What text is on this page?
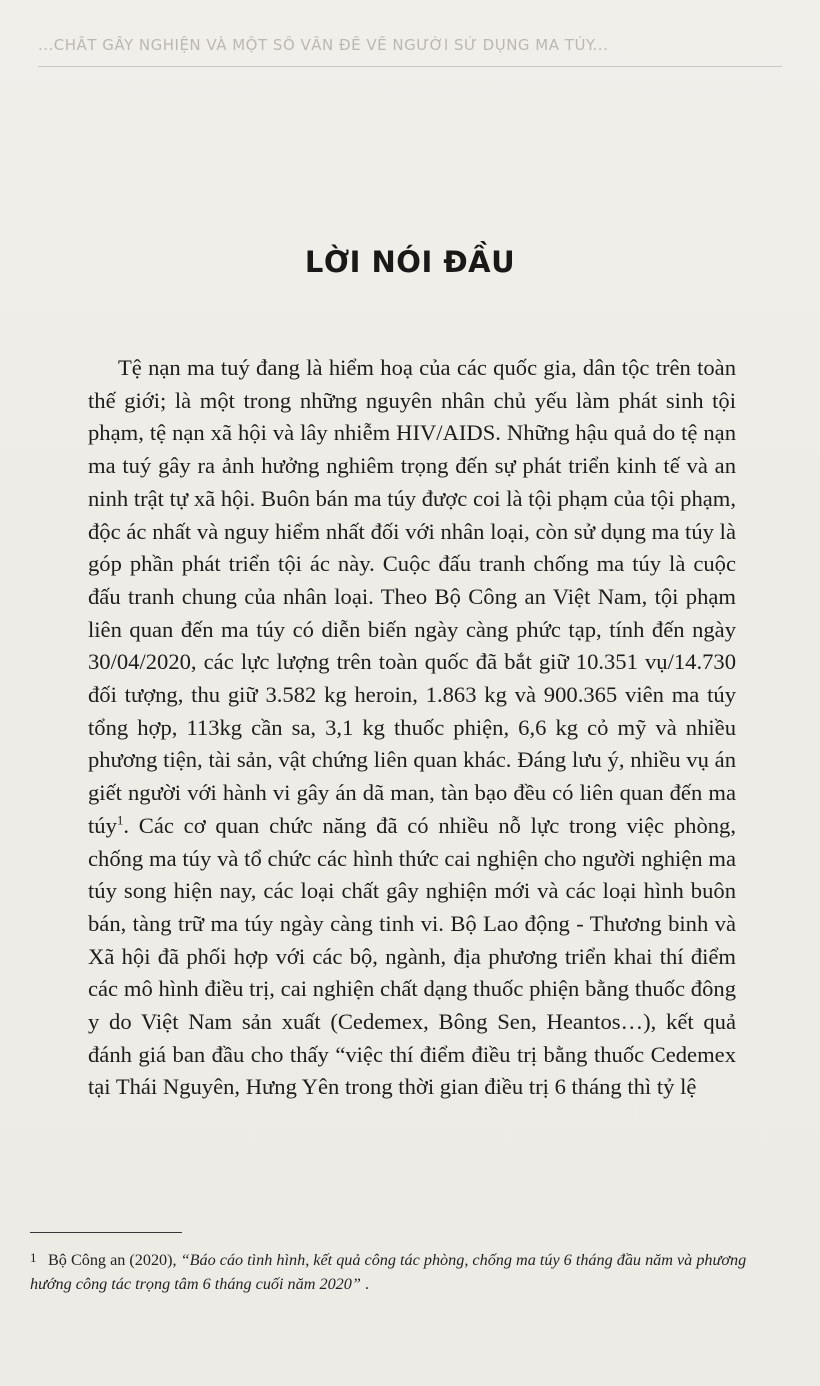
...CHẤT GÂY NGHIỆN VÀ MỘT SỐ VẤN ĐỀ VỀ NGƯỜI SỬ DỤNG MA TÚY...
LỜI NÓI ĐẦU

Tệ nạn ma tuý đang là hiểm hoạ của các quốc gia, dân tộc trên toàn thế giới; là một trong những nguyên nhân chủ yếu làm phát sinh tội phạm, tệ nạn xã hội và lây nhiễm HIV/AIDS. Những hậu quả do tệ nạn ma tuý gây ra ảnh hưởng nghiêm trọng đến sự phát triển kinh tế và an ninh trật tự xã hội. Buôn bán ma túy được coi là tội phạm của tội phạm, độc ác nhất và nguy hiểm nhất đối với nhân loại, còn sử dụng ma túy là góp phần phát triển tội ác này. Cuộc đấu tranh chống ma túy là cuộc đấu tranh chung của nhân loại. Theo Bộ Công an Việt Nam, tội phạm liên quan đến ma túy có diễn biến ngày càng phức tạp, tính đến ngày 30/04/2020, các lực lượng trên toàn quốc đã bắt giữ 10.351 vụ/14.730 đối tượng, thu giữ 3.582 kg heroin, 1.863 kg và 900.365 viên ma túy tổng hợp, 113kg cần sa, 3,1 kg thuốc phiện, 6,6 kg cỏ mỹ và nhiều phương tiện, tài sản, vật chứng liên quan khác. Đáng lưu ý, nhiều vụ án giết người với hành vi gây án dã man, tàn bạo đều có liên quan đến ma túy$^1$. Các cơ quan chức năng đã có nhiều nỗ lực trong việc phòng, chống ma túy và tổ chức các hình thức cai nghiện cho người nghiện ma túy song hiện nay, các loại chất gây nghiện mới và các loại hình buôn bán, tàng trữ ma túy ngày càng tinh vi. Bộ Lao động - Thương binh và Xã hội đã phối hợp với các bộ, ngành, địa phương triển khai thí điểm các mô hình điều trị, cai nghiện chất dạng thuốc phiện bằng thuốc đông y do Việt Nam sản xuất (Cedemex, Bông Sen, Heantos…), kết quả đánh giá ban đầu cho thấy “việc thí điểm điều trị bằng thuốc Cedemex tại Thái Nguyên, Hưng Yên trong thời gian điều trị 6 tháng thì tỷ lệ

1 Bộ Công an (2020), “Báo cáo tình hình, kết quả công tác phòng, chống ma túy 6 tháng đầu năm và phương hướng công tác trọng tâm 6 tháng cuối năm 2020” .
